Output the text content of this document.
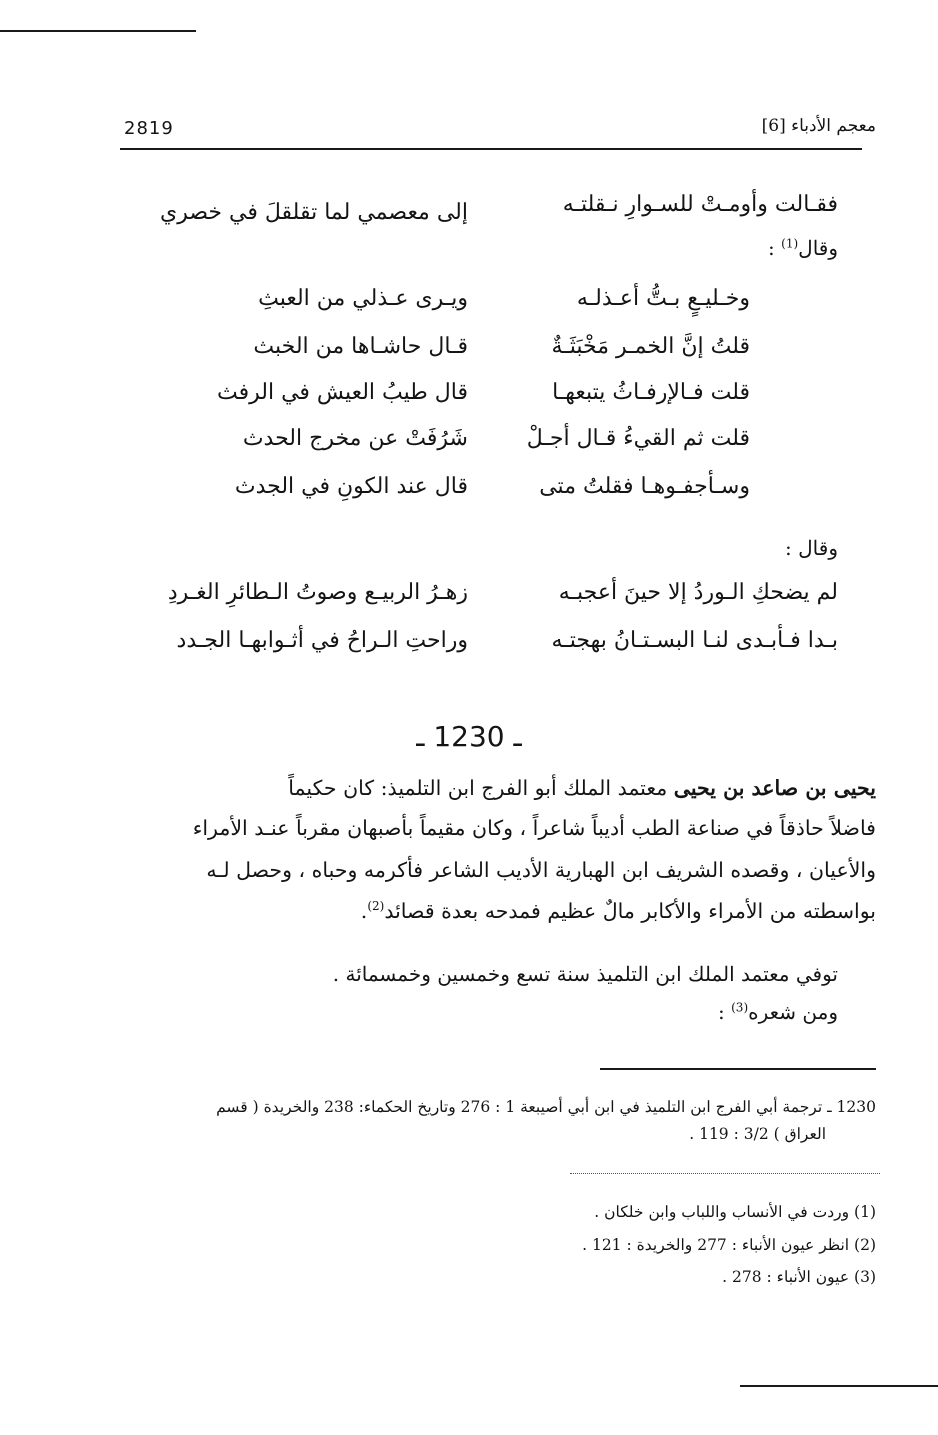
معجم الأدباء [6]
2819
فقـالت وأومـتْ للسـوارِ نـقلتـه
إلى معصمي لما تقلقلَ في خصري
وقال$^{(1)}$ :
وخـليـعٍ بـتُّ أعـذلـه
ويـرى عـذلي من العبثِ
قلتُ إنَّ الخمـر مَخْبَثَـةٌ
قـال حاشـاها من الخبث
قلت فـالإرفـاثُ يتبعهـا
قال طيبُ العيش في الرفث
قلت ثم القيءُ قـال أجـلْ
شَرُفَتْ عن مخرج الحدث
وسـأجفـوهـا فقلتُ متى
قال عند الكونِ في الجدث
وقال :
لم يضحكِ الـوردُ إلا حينَ أعجبـه
زهـرُ الربيـع وصوتُ الـطائرِ الغـردِ
بـدا فـأبـدى لنـا البسـتـانُ بهجتـه
وراحتِ الـراحُ في أثـوابهـا الجـدد
ـ 1230 ـ
يحيى بن صاعد بن يحيى معتمد الملك أبو الفرج ابن التلميذ: كان حكيماً
فاضلاً حاذقاً في صناعة الطب أديباً شاعراً ، وكان مقيماً بأصبهان مقرباً عنـد الأمراء
والأعيان ، وقصده الشريف ابن الهبارية الأديب الشاعر فأكرمه وحباه ، وحصل لـه
بواسطته من الأمراء والأكابر مالٌ عظيم فمدحه بعدة قصائد$^{(2)}$.
توفي معتمد الملك ابن التلميذ سنة تسع وخمسين وخمسمائة .
ومن شعره$^{(3)}$ :
1230 ـ ترجمة أبي الفرج ابن التلميذ في ابن أبي أصيبعة 1 : 276 وتاريخ الحكماء: 238 والخريدة ( قسم
العراق ) 3/2 : 119 .
(1) وردت في الأنساب واللباب وابن خلكان .
(2) انظر عيون الأنباء : 277 والخريدة : 121 .
(3) عيون الأنباء : 278 .
